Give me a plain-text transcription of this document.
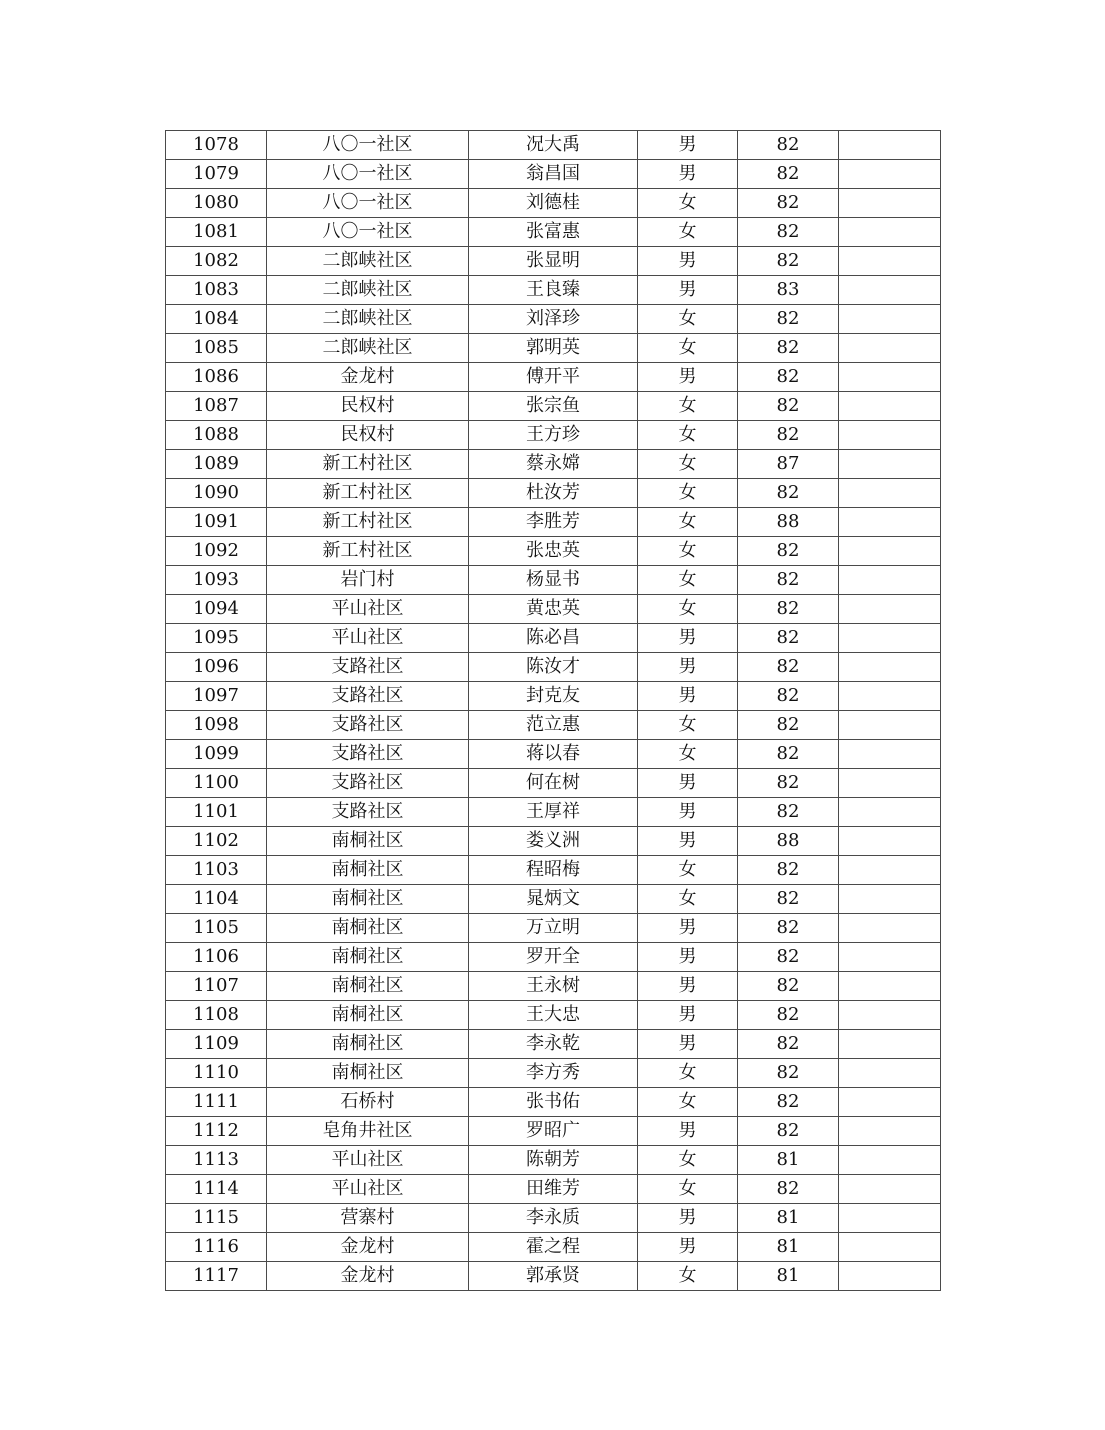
1078	八〇一社区	况大禹	男	82	
1079	八〇一社区	翁昌国	男	82	
1080	八〇一社区	刘德桂	女	82	
1081	八〇一社区	张富惠	女	82	
1082	二郎峡社区	张显明	男	82	
1083	二郎峡社区	王良臻	男	83	
1084	二郎峡社区	刘泽珍	女	82	
1085	二郎峡社区	郭明英	女	82	
1086	金龙村	傅开平	男	82	
1087	民权村	张宗鱼	女	82	
1088	民权村	王方珍	女	82	
1089	新工村社区	蔡永嫦	女	87	
1090	新工村社区	杜汝芳	女	82	
1091	新工村社区	李胜芳	女	88	
1092	新工村社区	张忠英	女	82	
1093	岩门村	杨显书	女	82	
1094	平山社区	黄忠英	女	82	
1095	平山社区	陈必昌	男	82	
1096	支路社区	陈汝才	男	82	
1097	支路社区	封克友	男	82	
1098	支路社区	范立惠	女	82	
1099	支路社区	蒋以春	女	82	
1100	支路社区	何在树	男	82	
1101	支路社区	王厚祥	男	82	
1102	南桐社区	娄义洲	男	88	
1103	南桐社区	程昭梅	女	82	
1104	南桐社区	晁炳文	女	82	
1105	南桐社区	万立明	男	82	
1106	南桐社区	罗开全	男	82	
1107	南桐社区	王永树	男	82	
1108	南桐社区	王大忠	男	82	
1109	南桐社区	李永乾	男	82	
1110	南桐社区	李方秀	女	82	
1111	石桥村	张书佑	女	82	
1112	皂角井社区	罗昭广	男	82	
1113	平山社区	陈朝芳	女	81	
1114	平山社区	田维芳	女	82	
1115	营寨村	李永质	男	81	
1116	金龙村	霍之程	男	81	
1117	金龙村	郭承贤	女	81	
